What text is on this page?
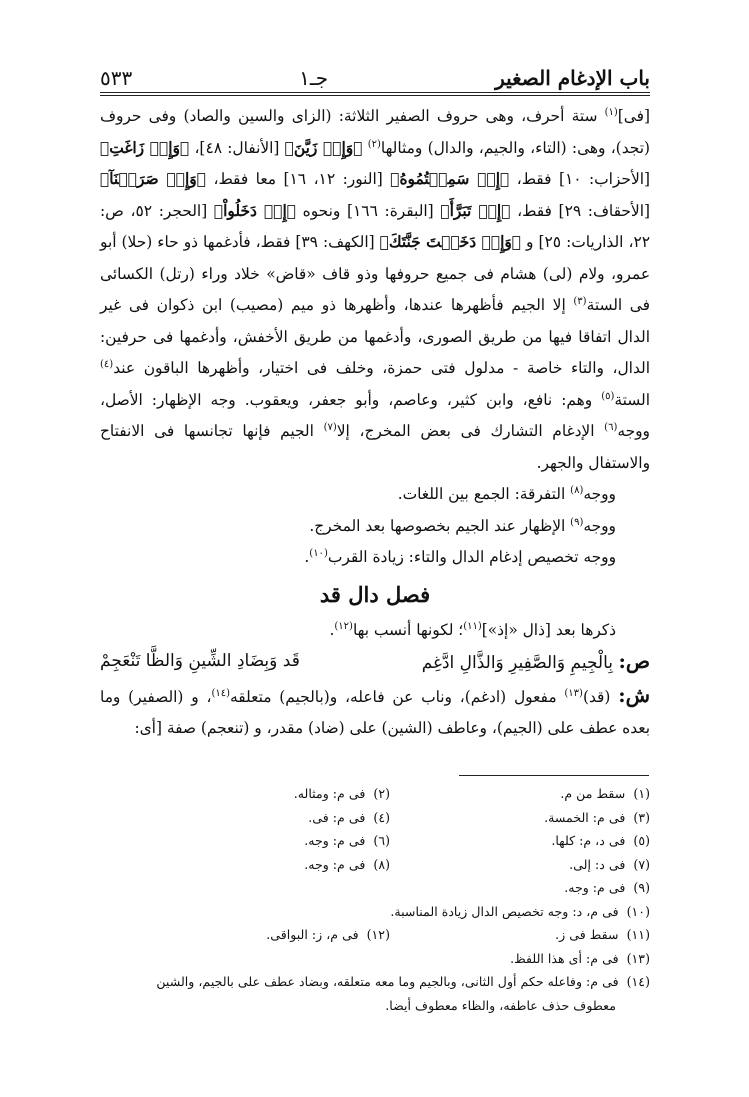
٥٣٣	جـ١	باب الإدغام الصغير

[فى]$^{(١)}$ ستة أحرف، وهى حروف الصفير الثلاثة: (الزاى والسين والصاد) وفى حروف (تجد)، وهى: (التاء، والجيم، والدال) ومثالها$^{(٢)}$ ﴿وَإِذۡ زَيَّنَ﴾ [الأنفال: ٤٨]، ﴿وَإِذۡ زَاغَتِ﴾ [الأحزاب: ١٠] فقط، ﴿إِذۡ سَمِعۡتُمُوهُ﴾ [النور: ١٢، ١٦] معا فقط، ﴿وَإِذۡ صَرَفۡنَآ﴾ [الأحقاف: ٢٩] فقط، ﴿إِذۡ تَبَرَّأَ﴾ [البقرة: ١٦٦] ونحوه ﴿إِذۡ دَخَلُواْ﴾ [الحجر: ٥٢، ص: ٢٢، الذاريات: ٢٥] و ﴿وَإِذۡ دَخَلۡتَ جَنَّتَكَ﴾ [الكهف: ٣٩] فقط، فأدغمها ذو حاء (حلا) أبو عمرو، ولام (لى) هشام فى جميع حروفها وذو قاف «قاض» خلاد وراء (رتل) الكسائى فى الستة$^{(٣)}$ إلا الجيم فأظهرها عندها، وأظهرها ذو ميم (مصيب) ابن ذكوان فى غير الدال اتفاقا فيها من طريق الصورى، وأدغمها من طريق الأخفش، وأدغمها فى حرفين: الدال، والتاء خاصة - مدلول فتى حمزة، وخلف فى اختيار، وأظهرها الباقون عند$^{(٤)}$ الستة$^{(٥)}$ وهم: نافع، وابن كثير، وعاصم، وأبو جعفر، ويعقوب. وجه الإظهار: الأصل، ووجه$^{(٦)}$ الإدغام التشارك فى بعض المخرج، إلا$^{(٧)}$ الجيم فإنها تجانسها فى الانفتاح والاستفال والجهر.

ووجه$^{(٨)}$ التفرقة: الجمع بين اللغات.

ووجه$^{(٩)}$ الإظهار عند الجيم بخصوصها بعد المخرج.

ووجه تخصيص إدغام الدال والتاء: زيادة القرب$^{(١٠)}$.

فصل دال قد

ذكرها بعد [ذال «إذ»]$^{(١١)}$؛ لكونها أنسب بها$^{(١٢)}$.

ص: بِالْجِيمِ وَالصَّفِيرِ وَالذَّالِ ادَّغِم
قَد وَبِضَادِ الشِّينِ وَالظَّا تَنْعَجِمْ

ش: (قد)$^{(١٣)}$ مفعول (ادغم)، وناب عن فاعله، و(بالجيم) متعلقه$^{(١٤)}$، و (الصفير) وما بعده عطف على (الجيم)، وعاطف (الشين) على (ضاد) مقدر، و (تنعجم) صفة [أى:

(١)  سقط من م.
(٢)  فى م: ومثاله.
(٣)  فى م: الخمسة.
(٤)  فى م: فى.
(٥)  فى د، م: كلها.
(٦)  فى م: وجه.
(٧)  فى د: إلى.
(٨)  فى م: وجه.
(٩)  فى م: وجه.
(١٠)  فى م، د: وجه تخصيص الدال زيادة المناسبة.
(١١)  سقط فى ز.
(١٢)  فى م، ز: البواقى.
(١٣)  فى م: أى هذا اللفظ.
(١٤)  فى م: وفاعله حكم أول الثانى، وبالجيم وما معه متعلقه، وبضاد عطف على بالجيم، والشين
معطوف حذف عاطفه، والظاء معطوف أيضا.
